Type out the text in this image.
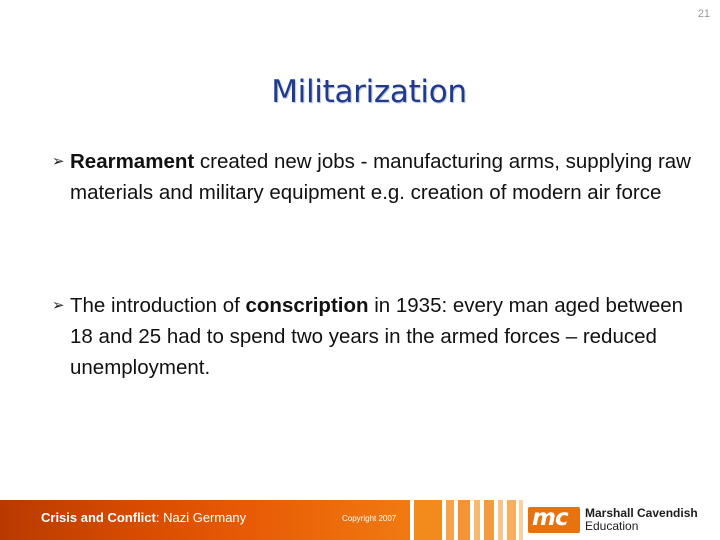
21
Militarization
➢ Rearmament created new jobs - manufacturing arms, supplying raw materials and military equipment e.g. creation of modern air force
➢ The introduction of conscription in 1935: every man aged between 18 and 25 had to spend two years in the armed forces – reduced unemployment.
Crisis and Conflict: Nazi Germany	Copyright 2007	mc Marshall Cavendish
Education
